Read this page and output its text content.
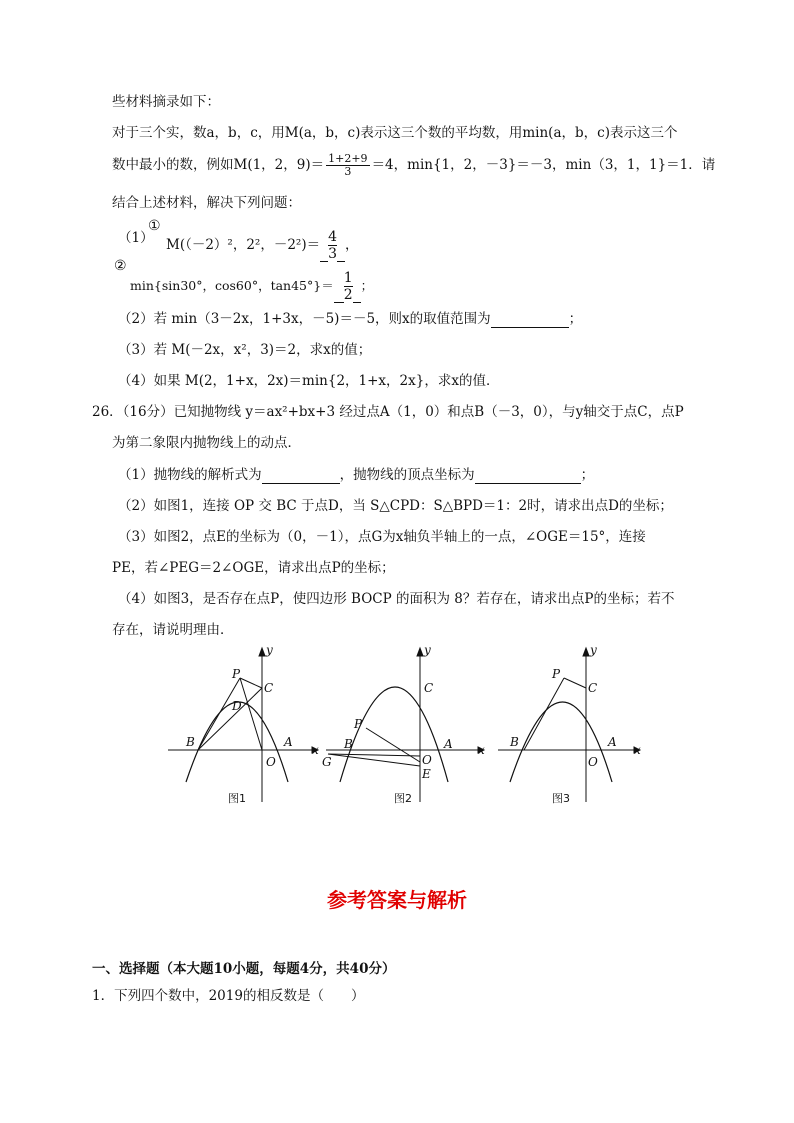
些材料摘录如下：
对于三个实，数a，b，c，用M(a，b，c)表示这三个数的平均数，用min(a，b，c)表示这三个
数中最小的数，例如M(1，2，$9)= \frac{1+2+9}{3} =4$，min{1，2，－3}＝－3，min（3，1，1}＝1．请
结合上述材料，解决下列问题：
（1）
①
M(（－2）²，2²，$-2^2)= \frac{4}{3}$ ，
②
min{sin30°，cos60°，$\tan 45^\circ\}= \frac{1}{2}$ ；
（2）若 min（3－2x，1+3x，－5)＝－5，则x的取值范围为	；
（3）若 M(－2x，x²，3)＝2，求x的值；
（4）如果 M(2，1+x，2x)＝min{2，1+x，2x}，求x的值．
26．（16分）已知抛物线 y＝ax²+bx+3 经过点A（1，0）和点B（－3，0），与y轴交于点C，点P
为第二象限内抛物线上的动点．
（1）抛物线的解析式为	，抛物线的顶点坐标为	；
（2）如图1，连接 OP 交 BC 于点D，当 S△CPD：S△BPD＝1：2时，请求出点D的坐标；
（3）如图2，点E的坐标为（0，－1），点G为x轴负半轴上的一点，∠OGE＝15°，连接
PE，若∠PEG＝2∠OGE，请求出点P的坐标；
（4）如图3，是否存在点P，使四边形 BOCP 的面积为 8？若存在，请求出点P的坐标；若不
存在，请说明理由．
y
P
C
D
B	A
x
O
图1
y
C
P
B	A x
O
G
E
图2
y
P
C
B	A
x
O
图3
参考答案与解析
一、选择题（本大题10小题，每题4分，共40分）
1．下列四个数中，2019的相反数是（　　）
